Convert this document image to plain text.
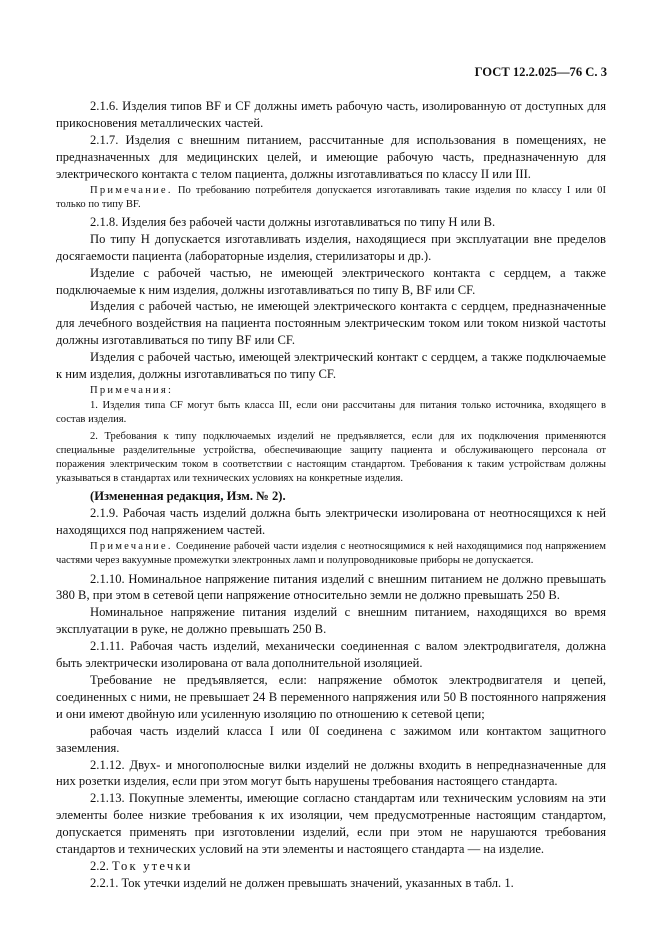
ГОСТ 12.2.025—76 С. 3

2.1.6. Изделия типов BF и CF должны иметь рабочую часть, изолированную от доступных для прикосновения металлических частей.

2.1.7. Изделия с внешним питанием, рассчитанные для использования в помещениях, не предназначенных для медицинских целей, и имеющие рабочую часть, предназначенную для электрического контакта с телом пациента, должны изготавливаться по классу II или III.

Примечание. По требованию потребителя допускается изготавливать такие изделия по классу I или 0I только по типу BF.

2.1.8. Изделия без рабочей части должны изготавливаться по типу Н или В.

По типу Н допускается изготавливать изделия, находящиеся при эксплуатации вне пределов досягаемости пациента (лабораторные изделия, стерилизаторы и др.).

Изделие с рабочей частью, не имеющей электрического контакта с сердцем, а также подключаемые к ним изделия, должны изготавливаться по типу В, BF или CF.

Изделия с рабочей частью, не имеющей электрического контакта с сердцем, предназначенные для лечебного воздействия на пациента постоянным электрическим током или током низкой частоты должны изготавливаться по типу BF или CF.

Изделия с рабочей частью, имеющей электрический контакт с сердцем, а также подключаемые к ним изделия, должны изготавливаться по типу CF.

Примечания:

1. Изделия типа CF могут быть класса III, если они рассчитаны для питания только источника, входящего в состав изделия.

2. Требования к типу подключаемых изделий не предъявляется, если для их подключения применяются специальные разделительные устройства, обеспечивающие защиту пациента и обслуживающего персонала от поражения электрическим током в соответствии с настоящим стандартом. Требования к таким устройствам должны указываться в стандартах или технических условиях на конкретные изделия.

(Измененная редакция, Изм. № 2).

2.1.9. Рабочая часть изделий должна быть электрически изолирована от неотносящихся к ней находящихся под напряжением частей.

Примечание. Соединение рабочей части изделия с неотносящимися к ней находящимися под напряжением частями через вакуумные промежутки электронных ламп и полупроводниковые приборы не допускается.

2.1.10. Номинальное напряжение питания изделий с внешним питанием не должно превышать 380 В, при этом в сетевой цепи напряжение относительно земли не должно превышать 250 В.

Номинальное напряжение питания изделий с внешним питанием, находящихся во время эксплуатации в руке, не должно превышать 250 В.

2.1.11. Рабочая часть изделий, механически соединенная с валом электродвигателя, должна быть электрически изолирована от вала дополнительной изоляцией.

Требование не предъявляется, если: напряжение обмоток электродвигателя и цепей, соединенных с ними, не превышает 24 В переменного напряжения или 50 В постоянного напряжения и они имеют двойную или усиленную изоляцию по отношению к сетевой цепи;

рабочая часть изделий класса I или 0I соединена с зажимом или контактом защитного заземления.

2.1.12. Двух- и многополюсные вилки изделий не должны входить в непредназначенные для них розетки изделия, если при этом могут быть нарушены требования настоящего стандарта.

2.1.13. Покупные элементы, имеющие согласно стандартам или техническим условиям на эти элементы более низкие требования к их изоляции, чем предусмотренные настоящим стандартом, допускается применять при изготовлении изделий, если при этом не нарушаются требования стандартов и технических условий на эти элементы и настоящего стандарта — на изделие.

2.2. Ток утечки

2.2.1. Ток утечки изделий не должен превышать значений, указанных в табл. 1.
